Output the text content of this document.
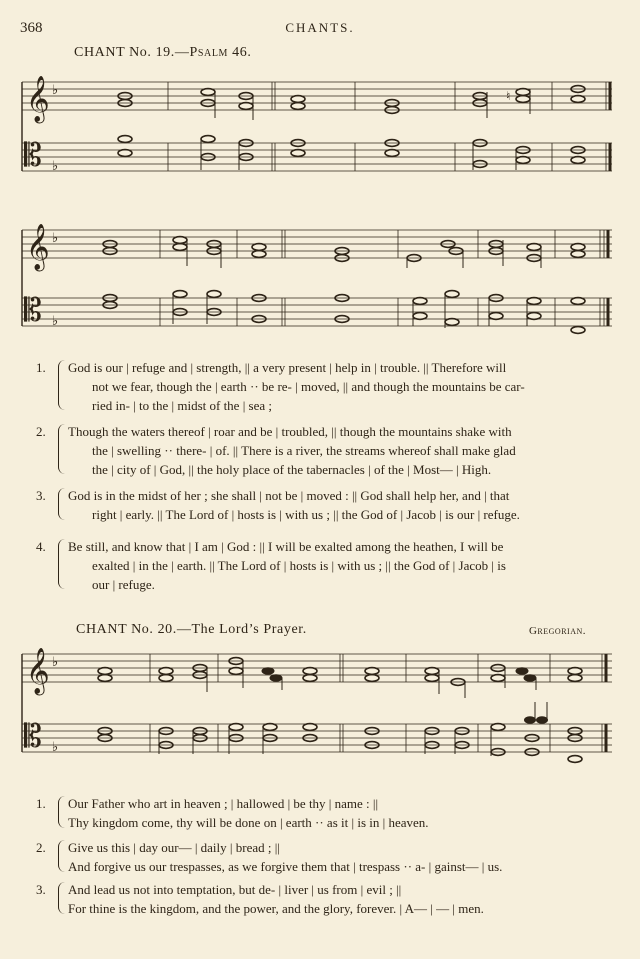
368	CHANTS.
CHANT No. 19.—Psalm 46.
𝄞 ♭
𝄡 ♭
♮
𝄞 ♭
𝄡 ♭
1.	God is our | refuge and | strength, || a very present | help in | trouble. || Therefore will
not we fear, though the | earth ·· be re- | moved, || and though the mountains be car-
ried in- | to the | midst of the | sea ;
2.	Though the waters thereof | roar and be | troubled, || though the mountains shake with
the | swelling ·· there- | of. || There is a river, the streams whereof shall make glad
the | city of | God, || the holy place of the tabernacles | of the | Most— | High.
3.	God is in the midst of her ; she shall | not be | moved : || God shall help her, and | that
right | early. || The Lord of | hosts is | with us ; || the God of | Jacob | is our | refuge.
4.	Be still, and know that | I am | God : || I will be exalted among the heathen, I will be
exalted | in the | earth. || The Lord of | hosts is | with us ; || the God of | Jacob | is
our | refuge.
CHANT No. 20.—The Lord’s Prayer.	Gregorian.
𝄞 ♭
𝄡 ♭
1.	Our Father who art in heaven ; | hallowed | be thy | name : ||
Thy kingdom come, thy will be done on | earth ·· as it | is in | heaven.
2.	Give us this | day our— | daily | bread ; ||
And forgive us our trespasses, as we forgive them that | trespass ·· a- | gainst— | us.
3.	And lead us not into temptation, but de- | liver | us from | evil ; ||
For thine is the kingdom, and the power, and the glory, forever. | A— | — | men.
